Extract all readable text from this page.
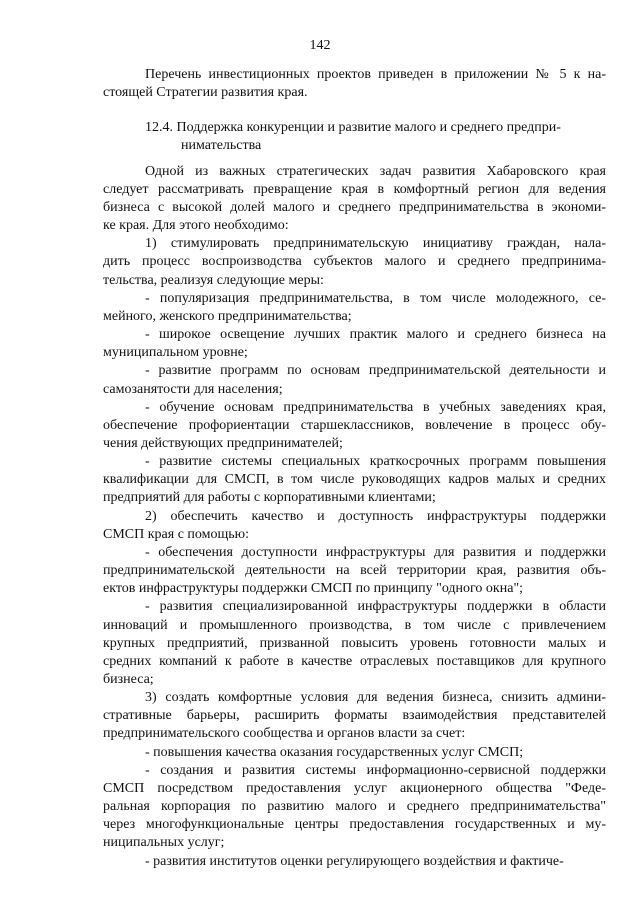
142
Перечень инвестиционных проектов приведен в приложении № 5 к на-
стоящей Стратегии развития края.
12.4. Поддержка конкуренции и развитие малого и среднего предпри-
нимательства
Одной из важных стратегических задач развития Хабаровского края
следует рассматривать превращение края в комфортный регион для ведения
бизнеса с высокой долей малого и среднего предпринимательства в экономи-
ке края. Для этого необходимо:
1) стимулировать предпринимательскую инициативу граждан, нала-
дить процесс воспроизводства субъектов малого и среднего предпринима-
тельства, реализуя следующие меры:
- популяризация предпринимательства, в том числе молодежного, се-
мейного, женского предпринимательства;
- широкое освещение лучших практик малого и среднего бизнеса на
муниципальном уровне;
- развитие программ по основам предпринимательской деятельности и
самозанятости для населения;
- обучение основам предпринимательства в учебных заведениях края,
обеспечение профориентации старшеклассников, вовлечение в процесс обу-
чения действующих предпринимателей;
- развитие системы специальных краткосрочных программ повышения
квалификации для СМСП, в том числе руководящих кадров малых и средних
предприятий для работы с корпоративными клиентами;
2) обеспечить качество и доступность инфраструктуры поддержки
СМСП края с помощью:
- обеспечения доступности инфраструктуры для развития и поддержки
предпринимательской деятельности на всей территории края, развития объ-
ектов инфраструктуры поддержки СМСП по принципу "одного окна";
- развития специализированной инфраструктуры поддержки в области
инноваций и промышленного производства, в том числе с привлечением
крупных предприятий, призванной повысить уровень готовности малых и
средних компаний к работе в качестве отраслевых поставщиков для крупного
бизнеса;
3) создать комфортные условия для ведения бизнеса, снизить админи-
стративные барьеры, расширить форматы взаимодействия представителей
предпринимательского сообщества и органов власти за счет:
- повышения качества оказания государственных услуг СМСП;
- создания и развития системы информационно-сервисной поддержки
СМСП посредством предоставления услуг акционерного общества "Феде-
ральная корпорация по развитию малого и среднего предпринимательства"
через многофункциональные центры предоставления государственных и му-
ниципальных услуг;
- развития институтов оценки регулирующего воздействия и фактиче-
